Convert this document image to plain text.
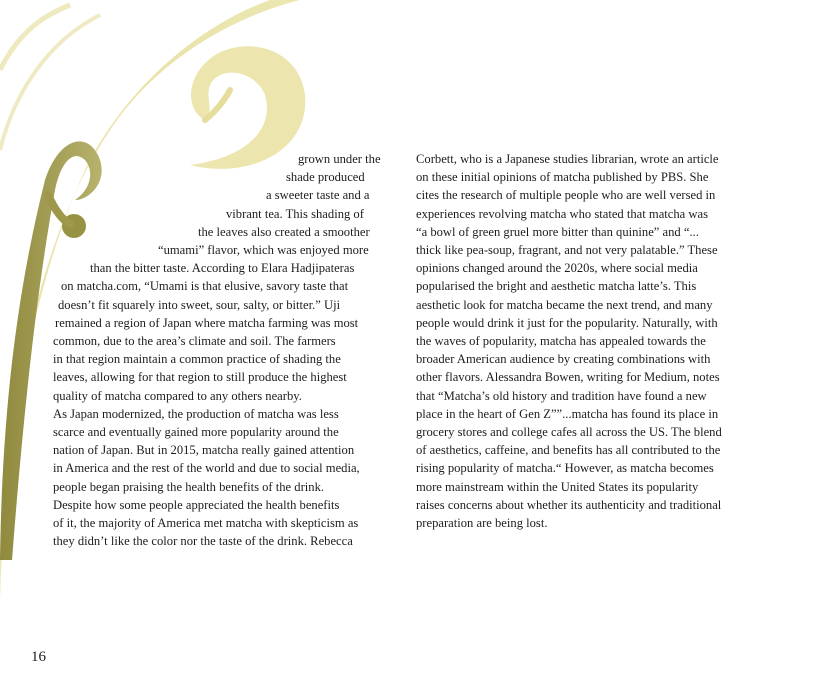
grown under the
shade produced
a sweeter taste and a
vibrant tea. This shading of
the leaves also created a smoother
“umami” flavor, which was enjoyed more
than the bitter taste. According to Elara Hadjipateras
on matcha.com, “Umami is that elusive, savory taste that
doesn’t fit squarely into sweet, sour, salty, or bitter.” Uji
remained a region of Japan where matcha farming was most
common, due to the area’s climate and soil. The farmers
in that region maintain a common practice of shading the
leaves, allowing for that region to still produce the highest
quality of matcha compared to any others nearby.
As Japan modernized, the production of matcha was less
scarce and eventually gained more popularity around the
nation of Japan. But in 2015, matcha really gained attention
in America and the rest of the world and due to social media,
people began praising the health benefits of the drink.
Despite how some people appreciated the health benefits
of it, the majority of America met matcha with skepticism as
they didn’t like the color nor the taste of the drink. Rebecca
Corbett, who is a Japanese studies librarian, wrote an article
on these initial opinions of matcha published by PBS. She
cites the research of multiple people who are well versed in
experiences revolving matcha who stated that matcha was
“a bowl of green gruel more bitter than quinine” and “...
thick like pea-soup, fragrant, and not very palatable.” These
opinions changed around the 2020s, where social media
popularised the bright and aesthetic matcha latte’s. This
aesthetic look for matcha became the next trend, and many
people would drink it just for the popularity. Naturally, with
the waves of popularity, matcha has appealed towards the
broader American audience by creating combinations with
other flavors. Alessandra Bowen, writing for Medium, notes
that “Matcha’s old history and tradition have found a new
place in the heart of Gen Z””...matcha has found its place in
grocery stores and college cafes all across the US. The blend
of aesthetics, caffeine, and benefits has all contributed to the
rising popularity of matcha.“ However, as matcha becomes
more mainstream within the United States its popularity
raises concerns about whether its authenticity and traditional
preparation are being lost.
16
